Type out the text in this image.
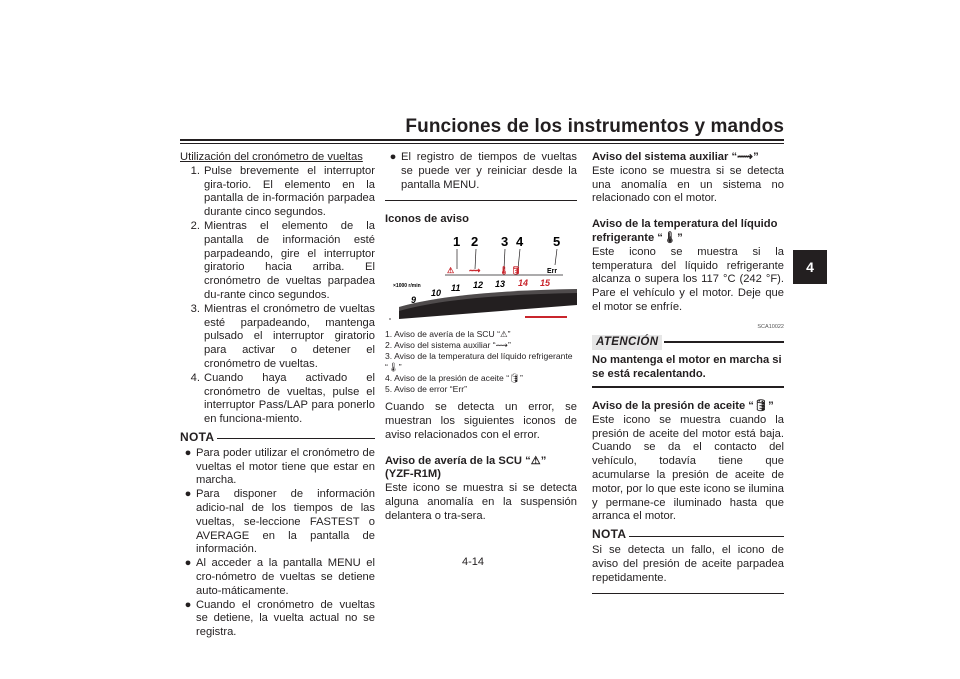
Funciones de los instrumentos y mandos
4
4-14

Utilización del cronómetro de vueltas

1. Pulse brevemente el interruptor gira-torio. El elemento en la pantalla de in-formación parpadea durante cinco segundos.
2. Mientras el elemento de la pantalla de información esté parpadeando, gire el interruptor giratorio hacia arriba. El cronómetro de vueltas parpadea du-rante cinco segundos.
3. Mientras el cronómetro de vueltas esté parpadeando, mantenga pulsado el interruptor giratorio para activar o detener el cronómetro de vueltas.
4. Cuando haya activado el cronómetro de vueltas, pulse el interruptor Pass/LAP para ponerlo en funciona-miento.
NOTA
● Para poder utilizar el cronómetro de vueltas el motor tiene que estar en marcha.
● Para disponer de información adicio-nal de los tiempos de las vueltas, se-leccione FASTEST o AVERAGE en la pantalla de información.
● Al acceder a la pantalla MENU el cro-nómetro de vueltas se detiene auto-máticamente.
● Cuando el cronómetro de vueltas se detiene, la vuelta actual no se registra.
● El registro de tiempos de vueltas se puede ver y reiniciar desde la pantalla MENU.

Iconos de aviso

1 2 3 4 5
⚠ ⟿ 🌡 🛢	Err
×1000 r/min
9
10 11 12 13 14 15

1. Aviso de avería de la SCU “⚠”

2. Aviso del sistema auxiliar “⟿”

3. Aviso de la temperatura del líquido refrigerante “🌡”

4. Aviso de la presión de aceite “🛢”

5. Aviso de error “Err”

Cuando se detecta un error, se muestran los siguientes iconos de aviso relacionados con el error.

Aviso de avería de la SCU “⚠” (YZF-R1M)

Este icono se muestra si se detecta alguna anomalía en la suspensión delantera o tra-sera.

Aviso del sistema auxiliar “⟿”

Este icono se muestra si se detecta una anomalía en un sistema no relacionado con el motor.

Aviso de la temperatura del líquido refrigerante “🌡”

Este icono se muestra si la temperatura del líquido refrigerante alcanza o supera los 117 °C (242 °F). Pare el vehículo y el motor. Deje que el motor se enfríe.

SCA10022
ATENCIÓN

No mantenga el motor en marcha si se está recalentando.

Aviso de la presión de aceite “🛢”

Este icono se muestra cuando la presión de aceite del motor está baja. Cuando se da el contacto del vehículo, todavía tiene que acumularse la presión de aceite de motor, por lo que este icono se ilumina y permane-ce iluminado hasta que arranca el motor.

NOTA

Si se detecta un fallo, el icono de aviso del presión de aceite parpadea repetidamente.
